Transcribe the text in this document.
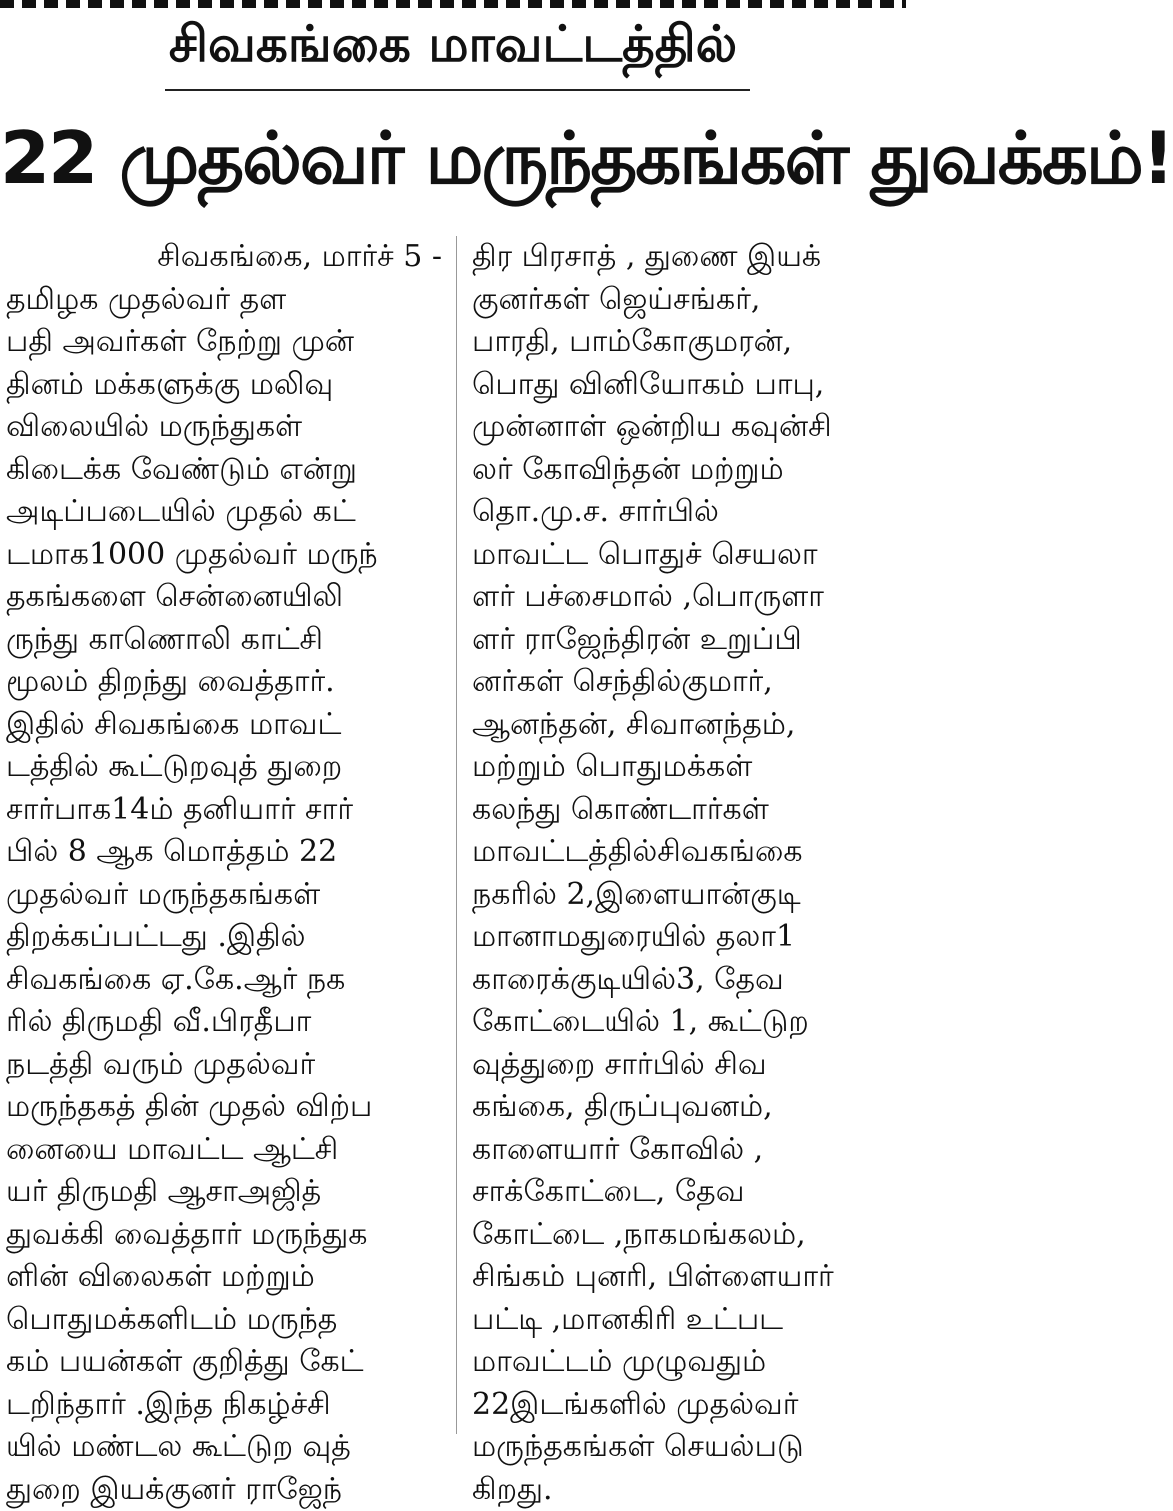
சிவகங்கை மாவட்டத்தில்
22 முதல்வர் மருந்தகங்கள் துவக்கம்!
சிவகங்கை, மார்ச் 5 -
தமிழக முதல்வர் தள
பதி அவர்கள் நேற்று முன்
தினம் மக்களுக்கு மலிவு
விலையில் மருந்துகள்
கிடைக்க வேண்டும் என்று
அடிப்படையில் முதல் கட்
டமாக1000 முதல்வர் மருந்
தகங்களை சென்னையிலி
ருந்து காணொலி காட்சி
மூலம் திறந்து வைத்தார்.
இதில் சிவகங்கை மாவட்
டத்தில் கூட்டுறவுத் துறை
சார்பாக14ம் தனியார் சார்
பில் 8 ஆக மொத்தம் 22
முதல்வர் மருந்தகங்கள்
திறக்கப்பட்டது .இதில்
சிவகங்கை ஏ.கே.ஆர் நக
ரில் திருமதி வீ.பிரதீபா
நடத்தி வரும் முதல்வர்
மருந்தகத் தின் முதல் விற்ப
னையை மாவட்ட ஆட்சி
யர் திருமதி ஆசாஅஜித்
துவக்கி வைத்தார் மருந்துக
ளின் விலைகள் மற்றும்
பொதுமக்களிடம் மருந்த
கம் பயன்கள் குறித்து கேட்
டறிந்தார் .இந்த நிகழ்ச்சி
யில் மண்டல கூட்டுற வுத்
துறை இயக்குனர் ராஜேந்
திர பிரசாத் , துணை இயக்
குனர்கள் ஜெய்சங்கர்,
பாரதி, பாம்கோகுமரன்,
பொது வினியோகம் பாபு,
முன்னாள் ஒன்றிய கவுன்சி
லர் கோவிந்தன் மற்றும்
தொ.மு.ச. சார்பில்
மாவட்ட பொதுச் செயலா
ளர் பச்சைமால் ,பொருளா
ளர் ராஜேந்திரன் உறுப்பி
னர்கள் செந்தில்குமார்,
ஆனந்தன், சிவானந்தம்,
மற்றும் பொதுமக்கள்
கலந்து கொண்டார்கள்
மாவட்டத்தில்சிவகங்கை
நகரில் 2,இளையான்குடி
மானாமதுரையில் தலா1
காரைக்குடியில்3, தேவ
கோட்டையில் 1, கூட்டுற
வுத்துறை சார்பில் சிவ
கங்கை, திருப்புவனம்,
காளையார் கோவில் ,
சாக்கோட்டை, தேவ
கோட்டை ,நாகமங்கலம்,
சிங்கம் புனரி, பிள்ளையார்
பட்டி ,மானகிரி உட்பட
மாவட்டம் முழுவதும்
22இடங்களில் முதல்வர்
மருந்தகங்கள் செயல்படு
கிறது.
